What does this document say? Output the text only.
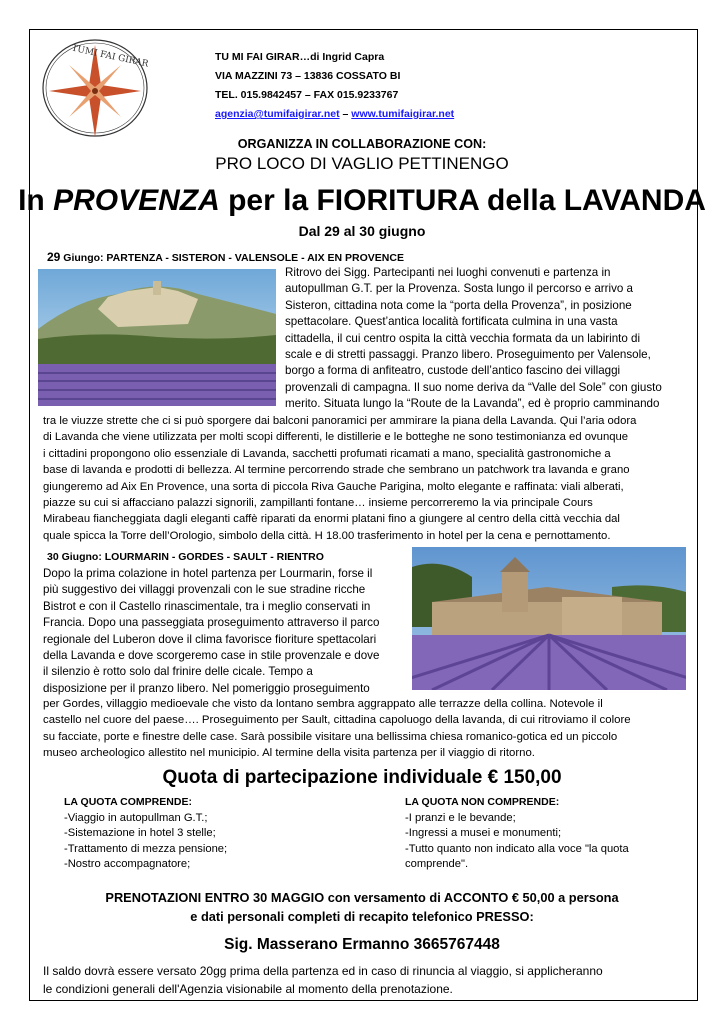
TUMI FAI GIRAR	TU MI FAI GIRAR…di Ingrid Capra
VIA MAZZINI 73 – 13836 COSSATO BI
TEL. 015.9842457 – FAX 015.9233767
agenzia@tumifaigirar.net – www.tumifaigirar.net
ORGANIZZA IN COLLABORAZIONE CON:
PRO LOCO DI VAGLIO PETTINENGO
In PROVENZA per la FIORITURA della LAVANDA
Dal 29 al 30 giugno
29 Giungo: PARTENZA - SISTERON - VALENSOLE - AIX EN PROVENCE
Ritrovo dei Sigg. Partecipanti nei luoghi convenuti e partenza in
autopullman G.T. per la Provenza. Sosta lungo il percorso e arrivo a
Sisteron, cittadina nota come la “porta della Provenza”, in posizione
spettacolare. Quest’antica località fortificata culmina in una vasta
cittadella, il cui centro ospita la città vecchia formata da un labirinto di
scale e di stretti passaggi. Pranzo libero. Proseguimento per Valensole,
borgo a forma di anfiteatro, custode dell’antico fascino dei villaggi
provenzali di campagna. Il suo nome deriva da “Valle del Sole” con giusto
merito. Situata lungo la “Route de la Lavanda”, ed è proprio camminando
tra le viuzze strette che ci si può sporgere dai balconi panoramici per ammirare la piana della Lavanda. Qui l’aria odora
di Lavanda che viene utilizzata per molti scopi differenti, le distillerie e le botteghe ne sono testimonianza ed ovunque
i cittadini propongono olio essenziale di Lavanda, sacchetti profumati ricamati a mano, specialità gastronomiche a
base di lavanda e prodotti di bellezza. Al termine percorrendo strade che sembrano un patchwork tra lavanda e grano
giungeremo ad Aix En Provence, una sorta di piccola Riva Gauche Parigina, molto elegante e raffinata: viali alberati,
piazze su cui si affacciano palazzi signorili, zampillanti fontane… insieme percorreremo la via principale Cours
Mirabeau fiancheggiata dagli eleganti caffè riparati da enormi platani fino a giungere al centro della città vecchia dal
quale spicca la Torre dell’Orologio, simbolo della città. H 18.00 trasferimento in hotel per la cena e pernottamento.
30 Giugno: LOURMARIN - GORDES - SAULT - RIENTRO
Dopo la prima colazione in hotel partenza per Lourmarin, forse il
più suggestivo dei villaggi provenzali con le sue stradine ricche
Bistrot e con il Castello rinascimentale, tra i meglio conservati in
Francia. Dopo una passeggiata proseguimento attraverso il parco
regionale del Luberon dove il clima favorisce fioriture spettacolari
della Lavanda e dove scorgeremo case in stile provenzale e dove
il silenzio è rotto solo dal frinire delle cicale. Tempo a
disposizione per il pranzo libero. Nel pomeriggio proseguimento
per Gordes, villaggio medioevale che visto da lontano sembra aggrappato alle terrazze della collina. Notevole il
castello nel cuore del paese…. Proseguimento per Sault, cittadina capoluogo della lavanda, di cui ritroviamo il colore
su facciate, porte e finestre delle case. Sarà possibile visitare una bellissima chiesa romanico-gotica ed un piccolo
museo archeologico allestito nel municipio. Al termine della visita partenza per il viaggio di ritorno.
Quota di partecipazione individuale € 150,00
LA QUOTA COMPRENDE:
-Viaggio in autopullman G.T.;
-Sistemazione in hotel 3 stelle;
-Trattamento di mezza pensione;
-Nostro accompagnatore;
LA QUOTA NON COMPRENDE:
-I pranzi e le bevande;
-Ingressi a musei e monumenti;
-Tutto quanto non indicato alla voce "la quota
comprende".
PRENOTAZIONI ENTRO 30 MAGGIO con versamento di ACCONTO € 50,00 a persona
e dati personali completi di recapito telefonico PRESSO:
Sig. Masserano Ermanno 3665767448
Il saldo dovrà essere versato 20gg prima della partenza ed in caso di rinuncia al viaggio, si applicheranno
le condizioni generali dell'Agenzia visionabile al momento della prenotazione.
